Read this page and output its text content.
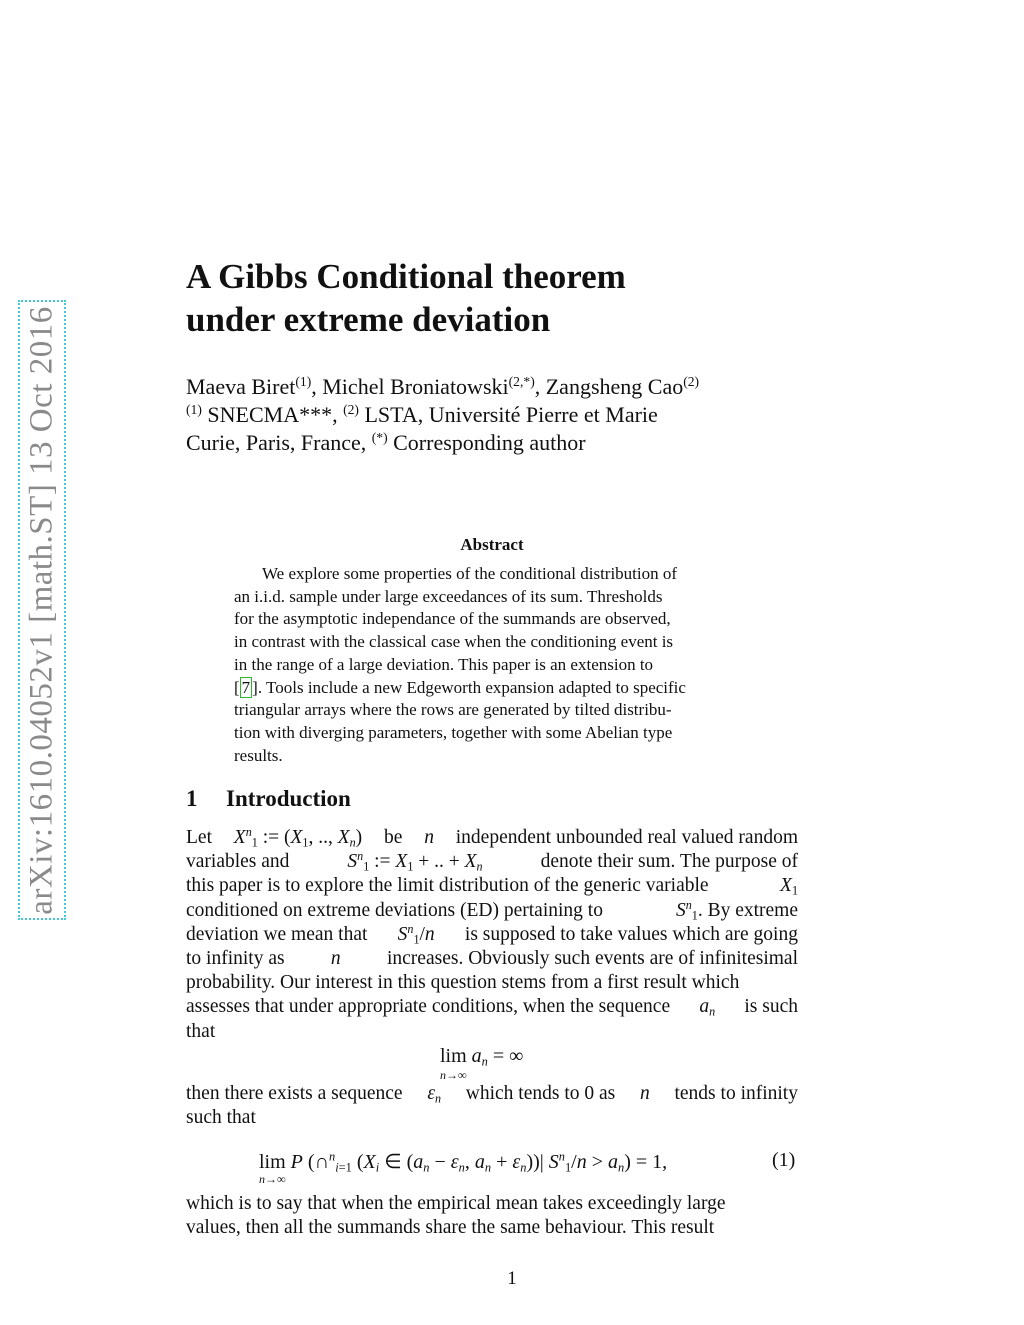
arXiv:1610.04052v1 [math.ST] 13 Oct 2016
A Gibbs Conditional theorem
under extreme deviation
Maeva Biret$^{(1)}$, Michel Broniatowski$^{(2,*)}$, Zangsheng Cao$^{(2)}$
$^{(1)}$ SNECMA***, $^{(2)}$ LSTA, Université Pierre et Marie
Curie, Paris, France, (*) Corresponding author
Abstract
We explore some properties of the conditional distribution of
an i.i.d. sample under large exceedances of its sum. Thresholds
for the asymptotic independance of the summands are observed,
in contrast with the classical case when the conditioning event is
in the range of a large deviation. This paper is an extension to
[ 7 ]. Tools include a new Edgeworth expansion adapted to specific
triangular arrays where the rows are generated by tilted distribu-
tion with diverging parameters, together with some Abelian type
results.
1 Introduction
Let $X^n_1$ := ($X_1$, .., $X_n$) be n independent unbounded real valued random
variables and	$S^n_1$ := $X_1$ + .. + $X_n$	denote their sum. The purpose of
this paper is to explore the limit distribution of the generic variable	$X_1$
conditioned on extreme deviations (ED) pertaining to	$S^n_1$. By extreme
deviation we mean that $S^n_1/n$ is supposed to take values which are going
to infinity as n increases. Obviously such events are of infinitesimal
probability. Our interest in this question stems from a first result which
assesses that under appropriate conditions, when the sequence $a_n$ is such
that
$\lim a_n$ = ∞
n→∞
then there exists a sequence $\varepsilon_n$ which tends to 0 as n tends to infinity
such that
lim P (∩$^n_{i=1}$ ($X_i$ ∈ ($a_n - \varepsilon_n$, $a_n + \varepsilon_n))|$ $S^n_1/n > a_n) = 1$,
n→∞
(1)
which is to say that when the empirical mean takes exceedingly large
values, then all the summands share the same behaviour. This result
1
